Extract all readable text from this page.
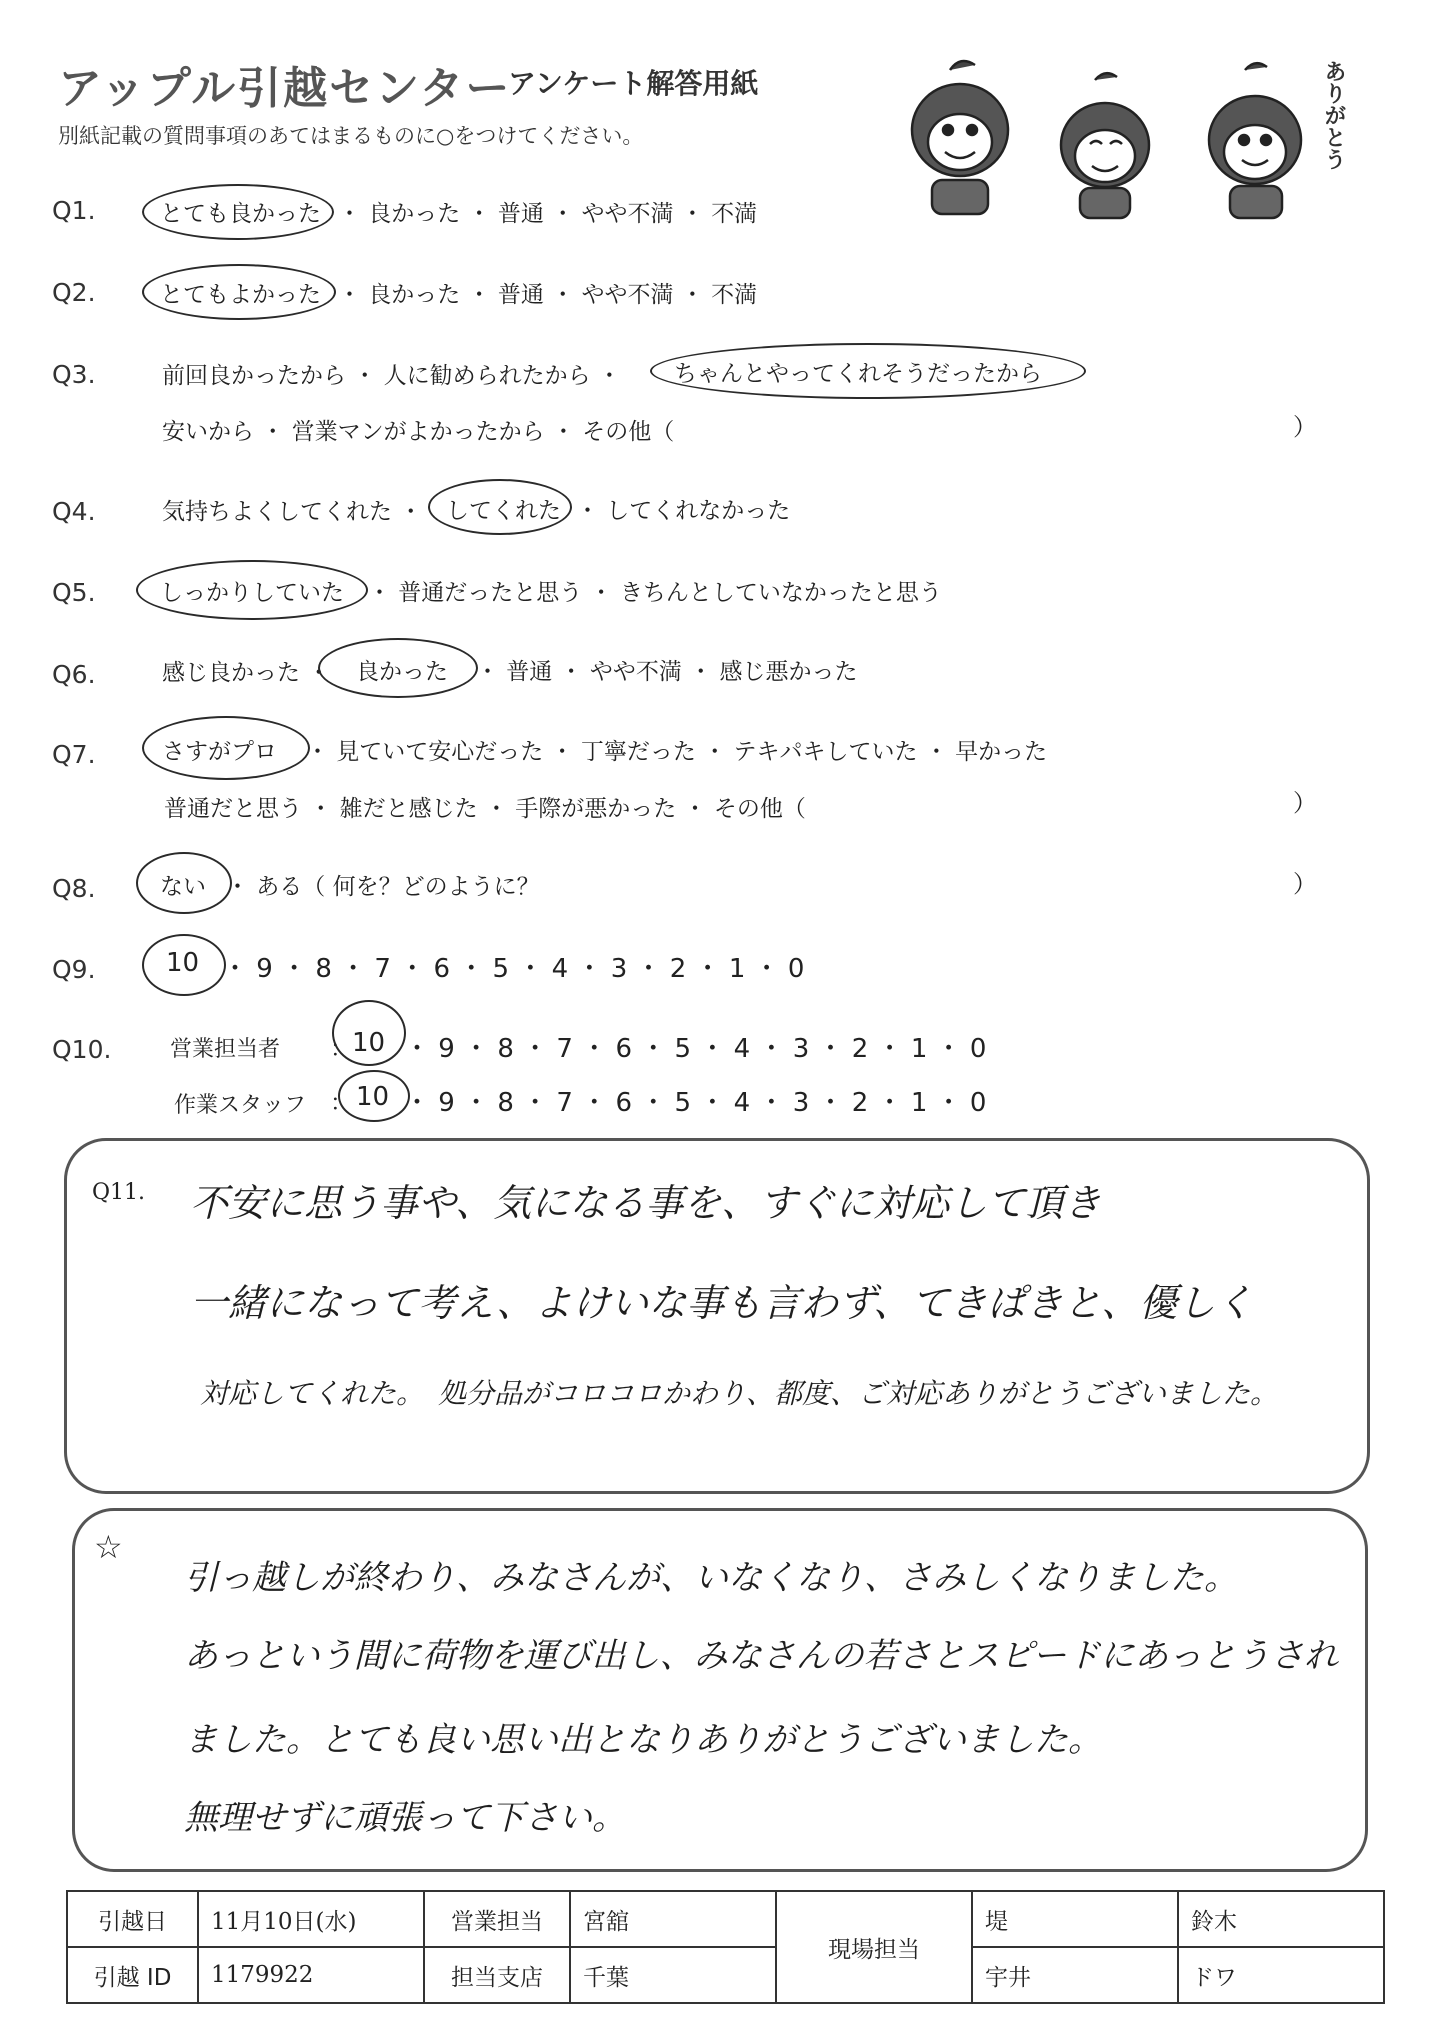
アップル引越センター
アンケート解答用紙
別紙記載の質問事項のあてはまるものに○をつけてください。	ありがとう
Q1.	とても良かった ・ 良かった ・ 普通 ・ やや不満 ・ 不満
Q2.	とてもよかった ・ 良かった ・ 普通 ・ やや不満 ・ 不満
Q3.	前回良かったから ・ 人に勧められたから ・ ちゃんとやってくれそうだったから
安いから ・ 営業マンがよかったから ・ その他（	）
Q4.	気持ちよくしてくれた ・ してくれた ・ してくれなかった
Q5.	しっかりしていた ・ 普通だったと思う ・ きちんとしていなかったと思う
Q6.	感じ良かった ・ 良かった ・ 普通 ・ やや不満 ・ 感じ悪かった
Q7.	さすがプロ ・ 見ていて安心だった ・ 丁寧だった ・ テキパキしていた ・ 早かった
普通だと思う ・ 雑だと感じた ・ 手際が悪かった ・ その他（	）
Q8.	ない ・ ある（ 何を？どのように？	）
Q9.	10 ・ 9 ・ 8 ・ 7 ・ 6 ・ 5 ・ 4 ・ 3 ・ 2 ・ 1 ・ 0
Q10.	営業担当者 ： 10 ・ 9 ・ 8 ・ 7 ・ 6 ・ 5 ・ 4 ・ 3 ・ 2 ・ 1 ・ 0
作業スタッフ ： 10 ・ 9 ・ 8 ・ 7 ・ 6 ・ 5 ・ 4 ・ 3 ・ 2 ・ 1 ・ 0
Q11. 不安に思う事や、気になる事を、すぐに対応して頂き
一緒になって考え、よけいな事も言わず、てきぱきと、優しく
対応してくれた。　処分品がコロコロかわり、都度、ご対応ありがとうございました。
☆
引っ越しが終わり、みなさんが、いなくなり、さみしくなりました。
あっという間に荷物を運び出し、みなさんの若さとスピードにあっとうされ
ました。とても良い思い出となりありがとうございました。
無理せずに頑張って下さい。
引越日	11月10日(水)	営業担当	宮舘	現場担当	堤	鈴木
引越 ID	1179922	担当支店	千葉		宇井	ドワ
